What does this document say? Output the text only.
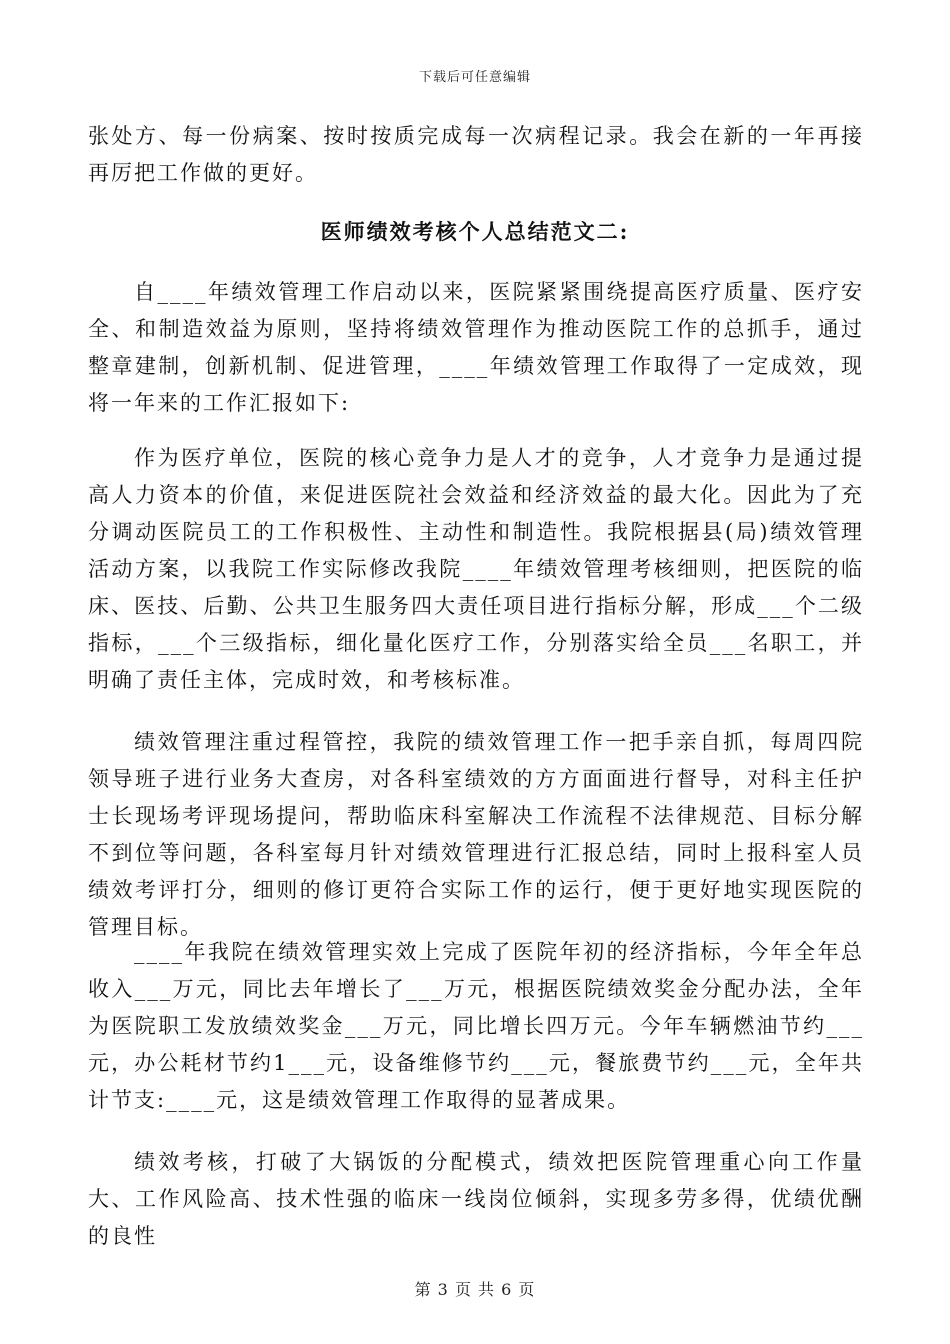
下载后可任意编辑

张处方、每一份病案、按时按质完成每一次病程记录。我会在新的一年再接再厉把工作做的更好。

医师绩效考核个人总结范文二:

自____年绩效管理工作启动以来，医院紧紧围绕提高医疗质量、医疗安全、和制造效益为原则，坚持将绩效管理作为推动医院工作的总抓手，通过整章建制，创新机制、促进管理，____年绩效管理工作取得了一定成效，现将一年来的工作汇报如下:

作为医疗单位，医院的核心竞争力是人才的竞争，人才竞争力是通过提高人力资本的价值，来促进医院社会效益和经济效益的最大化。因此为了充分调动医院员工的工作积极性、主动性和制造性。我院根据县(局)绩效管理活动方案，以我院工作实际修改我院____年绩效管理考核细则，把医院的临床、医技、后勤、公共卫生服务四大责任项目进行指标分解，形成___个二级指标，___个三级指标，细化量化医疗工作，分别落实给全员___名职工，并明确了责任主体，完成时效，和考核标准。

绩效管理注重过程管控，我院的绩效管理工作一把手亲自抓，每周四院领导班子进行业务大查房，对各科室绩效的方方面面进行督导，对科主任护士长现场考评现场提问，帮助临床科室解决工作流程不法律规范、目标分解不到位等问题，各科室每月针对绩效管理进行汇报总结，同时上报科室人员绩效考评打分，细则的修订更符合实际工作的运行，便于更好地实现医院的管理目标。

____年我院在绩效管理实效上完成了医院年初的经济指标，今年全年总收入___万元，同比去年增长了___万元，根据医院绩效奖金分配办法，全年为医院职工发放绩效奖金___万元，同比增长四万元。今年车辆燃油节约___元，办公耗材节约1___元，设备维修节约___元，餐旅费节约___元，全年共计节支:____元，这是绩效管理工作取得的显著成果。

绩效考核，打破了大锅饭的分配模式，绩效把医院管理重心向工作量大、工作风险高、技术性强的临床一线岗位倾斜，实现多劳多得，优绩优酬的良性

第 3 页 共 6 页
